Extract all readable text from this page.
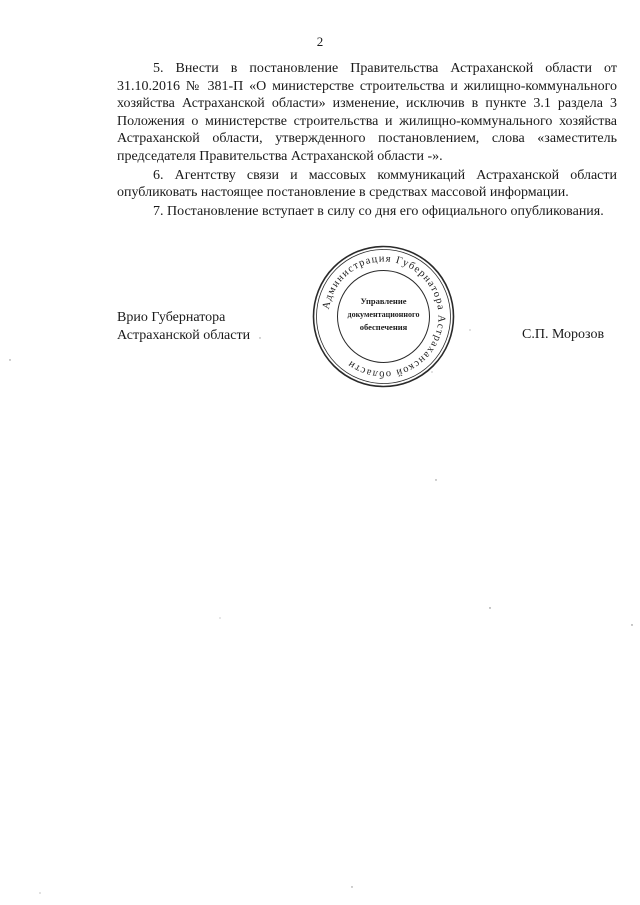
2

5. Внести в постановление Правительства Астраханской области от 31.10.2016 № 381-П «О министерстве строительства и жилищно-коммунального хозяйства Астраханской области» изменение, исключив в пункте 3.1 раздела 3 Положения о министерстве строительства и жилищно-коммунального хозяйства Астраханской области, утвержденного постановлением, слова «заместитель председателя Правительства Астраханской области -».

6. Агентству связи и массовых коммуникаций Астраханской области опубликовать настоящее постановление в средствах массовой информации.

7. Постановление вступает в силу со дня его официального опубликования.

Врио Губернатора
Астраханской области	С.П. Морозов
Администрация Губернатора Астраханской области
Управление
документационного
обеспечения
